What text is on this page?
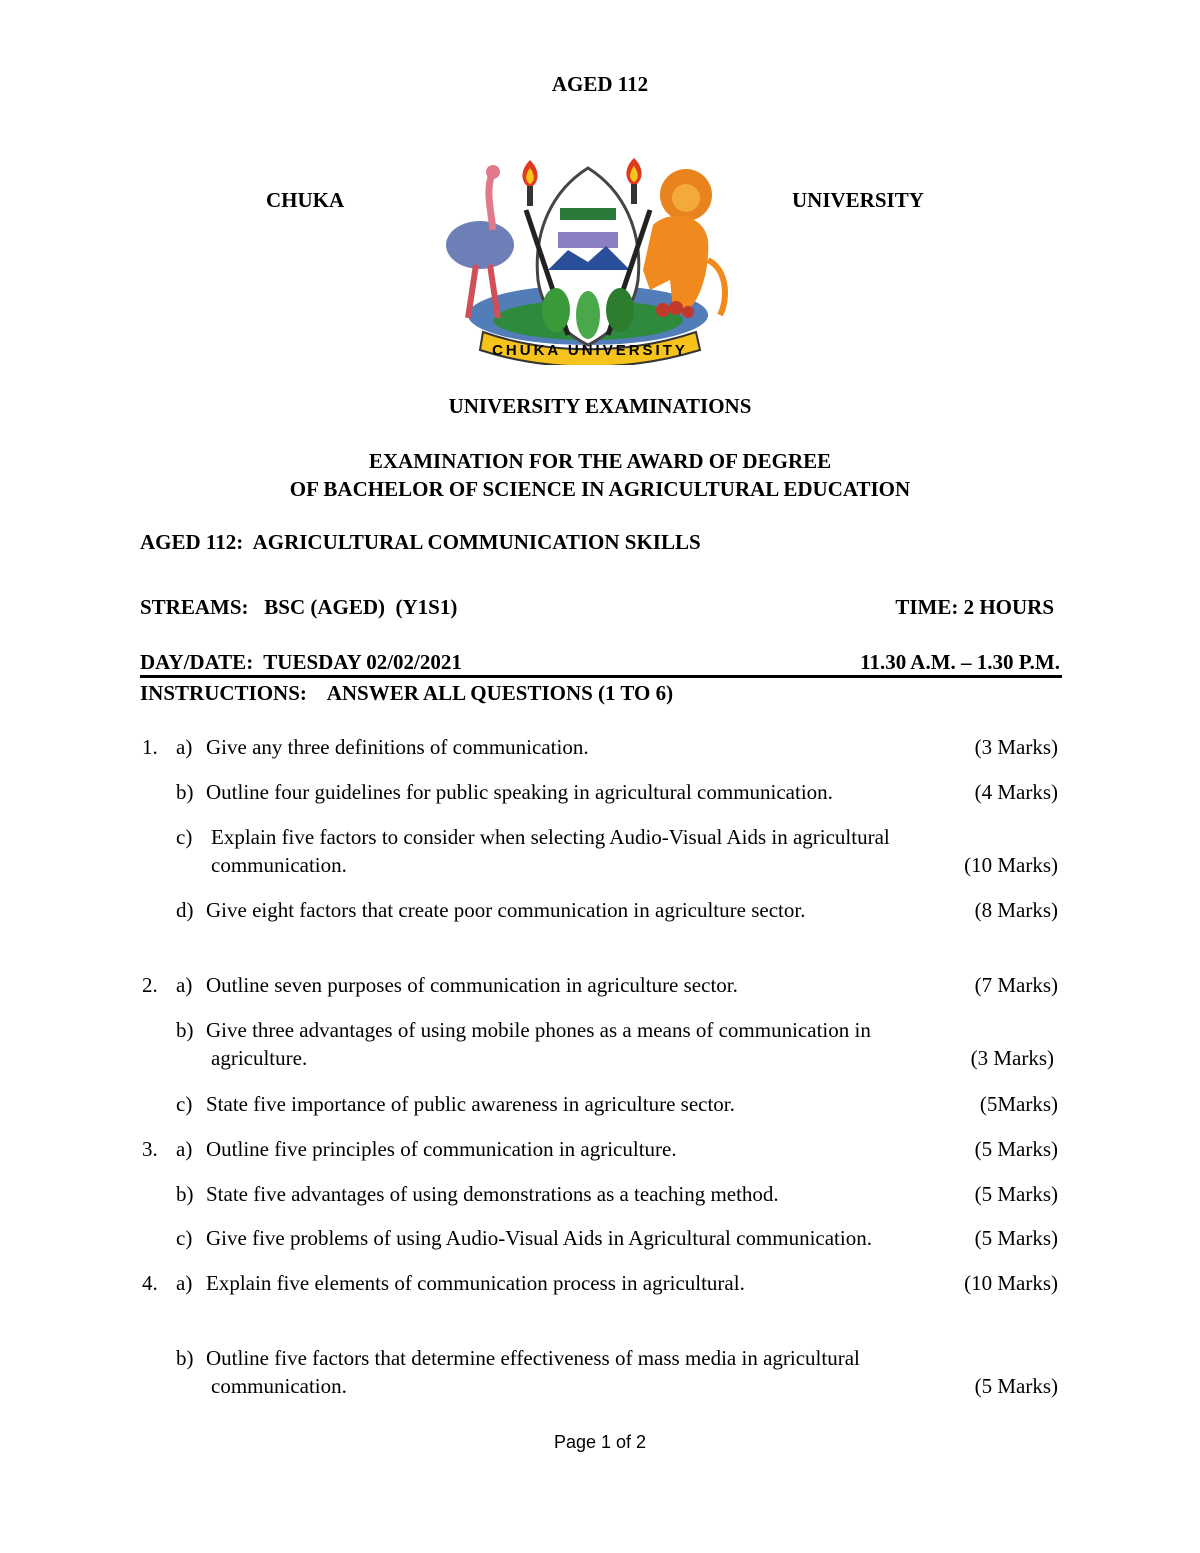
AGED 112
CHUKA	UNIVERSITY
CHUKA UNIVERSITY
UNIVERSITY EXAMINATIONS
EXAMINATION FOR THE AWARD OF DEGREE
OF BACHELOR OF SCIENCE IN AGRICULTURAL EDUCATION
AGED 112:  AGRICULTURAL COMMUNICATION SKILLS
STREAMS:   BSC (AGED)  (Y1S1)	TIME: 2 HOURS
DAY/DATE:  TUESDAY 02/02/2021	11.30 A.M. – 1.30 P.M.
INSTRUCTIONS:    ANSWER ALL QUESTIONS (1 TO 6)
1. a) Give any three definitions of communication.	(3 Marks)
b) Outline four guidelines for public speaking in agricultural communication.	(4 Marks)
c) Explain five factors to consider when selecting Audio-Visual Aids in agricultural
communication.	(10 Marks)
d) Give eight factors that create poor communication in agriculture sector.	(8 Marks)
2. a) Outline seven purposes of communication in agriculture sector.	(7 Marks)
b) Give three advantages of using mobile phones as a means of communication in
agriculture.	(3 Marks)
c) State five importance of public awareness in agriculture sector.	(5Marks)
3. a) Outline five principles of communication in agriculture.	(5 Marks)
b) State five advantages of using demonstrations as a teaching method.	(5 Marks)
c) Give five problems of using Audio-Visual Aids in Agricultural communication.	(5 Marks)
4. a) Explain five elements of communication process in agricultural.	(10 Marks)
b) Outline five factors that determine effectiveness of mass media in agricultural
communication.	(5 Marks)
Page 1 of 2
